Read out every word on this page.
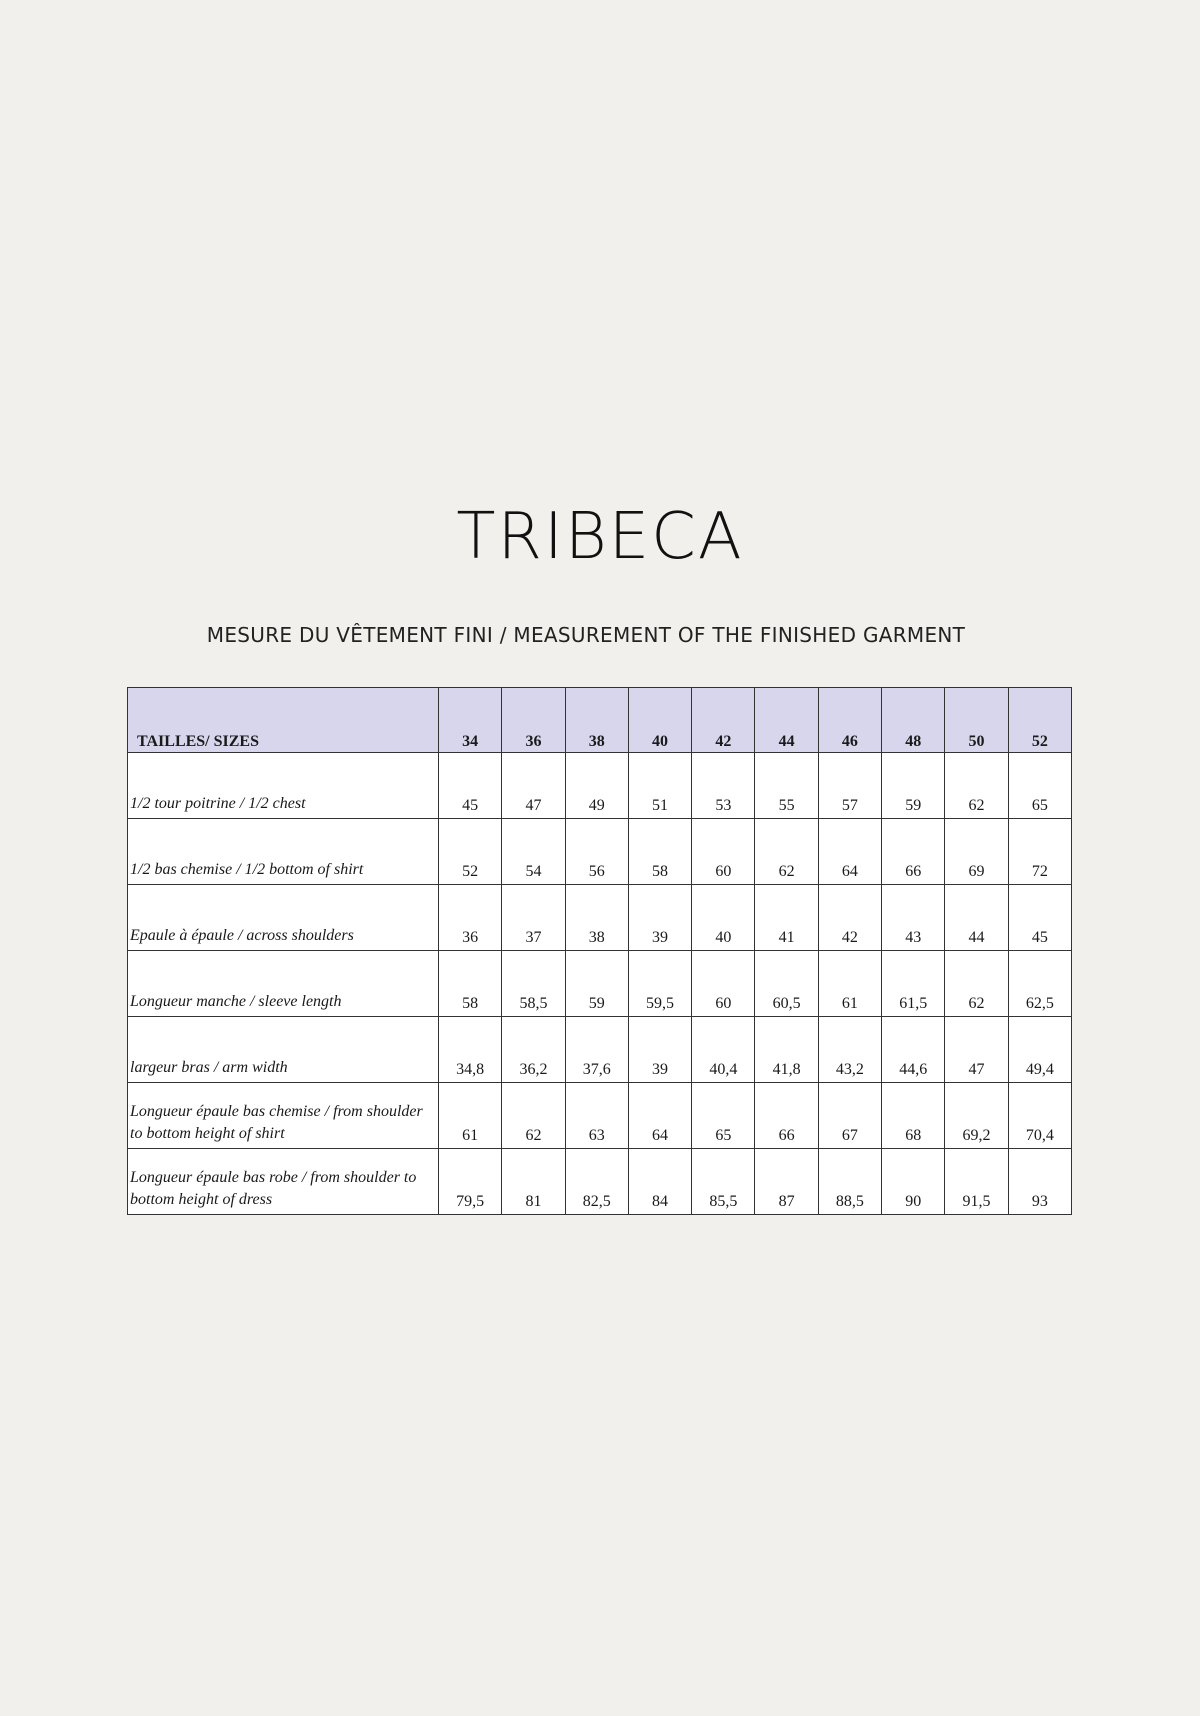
TRIBECA
MESURE DU VÊTEMENT FINI / MEASUREMENT OF THE FINISHED GARMENT
TAILLES/ SIZES	34	36	38	40	42	44	46	48	50	52
1/2 tour poitrine / 1/2 chest	45	47	49	51	53	55	57	59	62	65
1/2 bas chemise / 1/2 bottom of shirt	52	54	56	58	60	62	64	66	69	72
Epaule à épaule / across shoulders	36	37	38	39	40	41	42	43	44	45
Longueur manche / sleeve length	58	58,5	59	59,5	60	60,5	61	61,5	62	62,5
largeur bras / arm width	34,8	36,2	37,6	39	40,4	41,8	43,2	44,6	47	49,4
Longueur épaule bas chemise / from shoulder to bottom height of shirt	61	62	63	64	65	66	67	68	69,2	70,4
Longueur épaule bas robe / from shoulder to bottom height of dress	79,5	81	82,5	84	85,5	87	88,5	90	91,5	93
